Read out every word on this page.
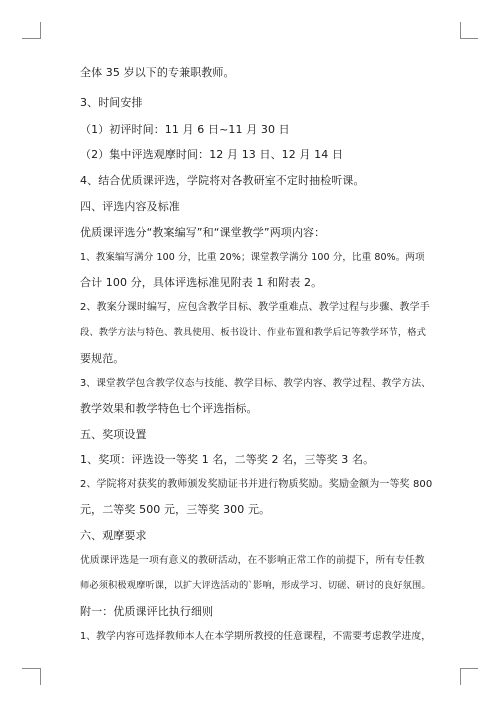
全体 35 岁以下的专兼职教师。
3、时间安排
（1）初评时间：11 月 6 日~11 月 30 日
（2）集中评选观摩时间：12 月 13 日、12 月 14 日
4、结合优质课评选，学院将对各教研室不定时抽检听课。
四、评选内容及标准
优质课评选分“教案编写”和“课堂教学”两项内容：
1、教案编写满分 100 分，比重 20%；课堂教学满分 100 分，比重 80%。两项
合计 100 分，具体评选标准见附表 1 和附表 2。
2、教案分课时编写，应包含教学目标、教学重难点、教学过程与步骤、教学手
段、教学方法与特色、教具使用、板书设计、作业布置和教学后记等教学环节，格式
要规范。
3、课堂教学包含教学仪态与技能、教学目标、教学内容、教学过程、教学方法、
教学效果和教学特色七个评选指标。
五、奖项设置
1、奖项：评选设一等奖 1 名，二等奖 2 名，三等奖 3 名。
2、学院将对获奖的教师颁发奖励证书并进行物质奖励。奖励金额为一等奖 800
元，二等奖 500 元，三等奖 300 元。
六、观摩要求
优质课评选是一项有意义的教研活动，在不影响正常工作的前提下，所有专任教
师必须积极观摩听课，以扩大评选活动的`影响，形成学习、切磋、研讨的良好氛围。
附一：优质课评比执行细则
1、教学内容可选择教师本人在本学期所教授的任意课程，不需要考虑教学进度，
